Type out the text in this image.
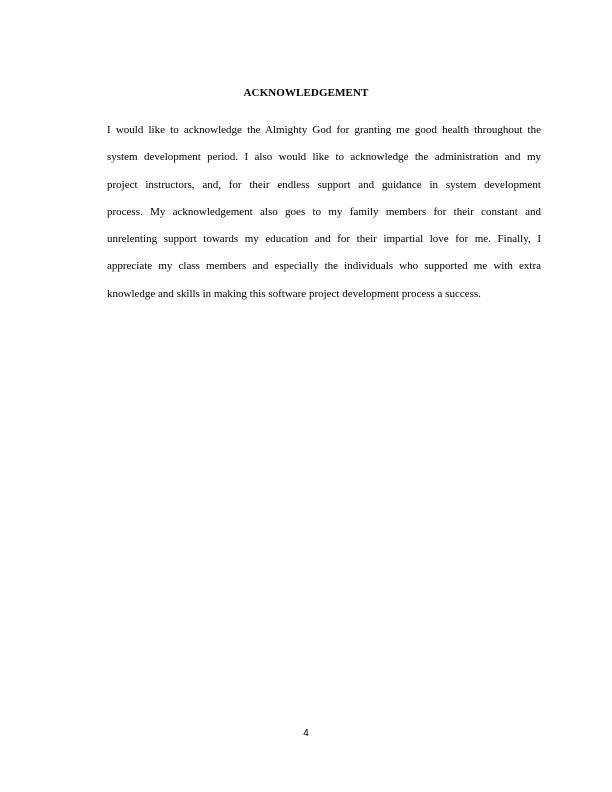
ACKNOWLEDGEMENT
I would like to acknowledge the Almighty God for granting me good health throughout the
system development period. I also would like to acknowledge the administration and my
project instructors, and, for their endless support and guidance in system development
process. My acknowledgement also goes to my family members for their constant and
unrelenting support towards my education and for their impartial love for me. Finally, I
appreciate my class members and especially the individuals who supported me with extra
knowledge and skills in making this software project development process a success.
4
